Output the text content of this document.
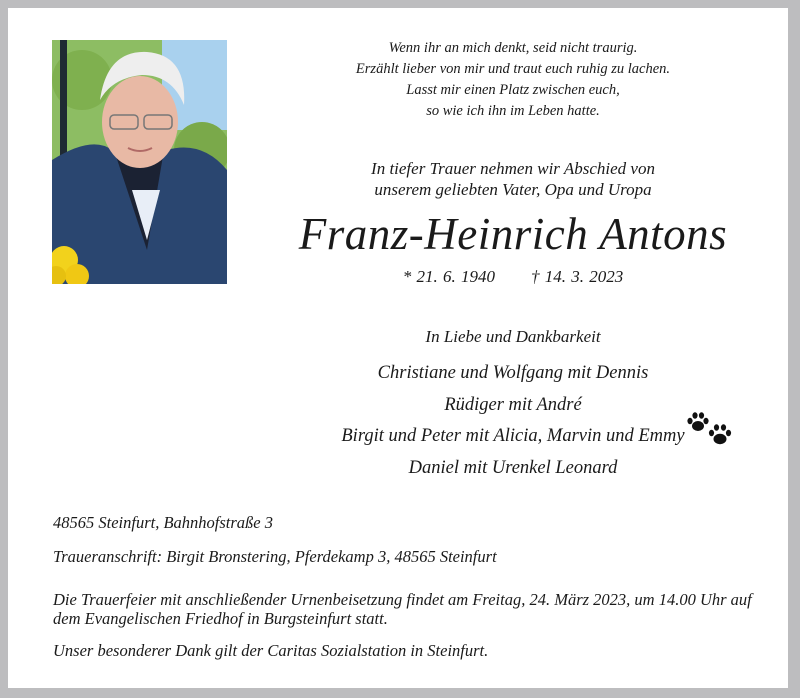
Wenn ihr an mich denkt, seid nicht traurig.
Erzählt lieber von mir und traut euch ruhig zu lachen.
Lasst mir einen Platz zwischen euch,
so wie ich ihn im Leben hatte.
In tiefer Trauer nehmen wir Abschied von
unserem geliebten Vater, Opa und Uropa
Franz-Heinrich Antons
* 21. 6. 1940 † 14. 3. 2023
In Liebe und Dankbarkeit
Christiane und Wolfgang mit Dennis
Rüdiger mit André
Birgit und Peter mit Alicia, Marvin und Emmy
Daniel mit Urenkel Leonard
48565 Steinfurt, Bahnhofstraße 3
Traueranschrift: Birgit Bronstering, Pferdekamp 3, 48565 Steinfurt
Die Trauerfeier mit anschließender Urnenbeisetzung findet am Freitag, 24. März 2023, um 14.00 Uhr auf dem Evangelischen Friedhof in Burgsteinfurt statt.
Unser besonderer Dank gilt der Caritas Sozialstation in Steinfurt.
